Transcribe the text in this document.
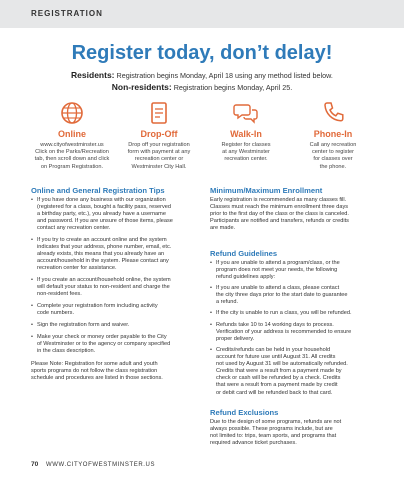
REGISTRATION
Register today, don’t delay!
Residents: Registration begins Monday, April 18 using any method listed below.
Non-residents: Registration begins Monday, April 25.
Online
www.cityofwestminster.us
Click on the Parks/Recreation
tab, then scroll down and click
on Program Registration.
Drop-Off
Drop off your registration
form with payment at any
recreation center or
Westminster City Hall.
Walk-In
Register for classes
at any Westminster
recreation center.
Phone-In
Call any recreation
center to register
for classes over
the phone.
Online and General Registration Tips
• If you have done any business with our organization
(registered for a class, bought a facility pass, reserved
a birthday party, etc.), you already have a username
and password. If you are unsure of those items, please
contact any recreation center.
• If you try to create an account online and the system
indicates that your address, phone number, email, etc.
already exists, this means that you already have an
account/household in the system. Please contact any
recreation center for assistance.
• If you create an account/household online, the system
will default your status to non-resident and charge the
non-resident fees.
• Complete your registration form including activity
code numbers.
• Sign the registration form and waiver.
• Make your check or money order payable to the City
of Westminster or to the agency or company specified
in the class description.
Please Note: Registration for some adult and youth
sports programs do not follow the class registration
schedule and procedures are listed in those sections.
Minimum/Maximum Enrollment
Early registration is recommended as many classes fill.
Classes must reach the minimum enrollment three days
prior to the first day of the class or the class is canceled.
Participants are notified and transfers, refunds or credits
are made.
Refund Guidelines
• If you are unable to attend a program/class, or the
program does not meet your needs, the following
refund guidelines apply:
• If you are unable to attend a class, please contact
the city three days prior to the start date to guarantee
a refund.
• If the city is unable to run a class, you will be refunded.
• Refunds take 10 to 14 working days to process.
Verification of your address is recommended to ensure
proper delivery.
• Credits/refunds can be held in your household
account for future use until August 31. All credits
not used by August 31 will be automatically refunded.
Credits that were a result from a payment made by
check or cash will be refunded by a check. Credits
that were a result from a payment made by credit
or debit card will be refunded back to that card.
Refund Exclusions
Due to the design of some programs, refunds are not
always possible. These programs include, but are
not limited to: trips, team sports, and programs that
required advance ticket purchases.
70 WWW.CITYOFWESTMINSTER.US
